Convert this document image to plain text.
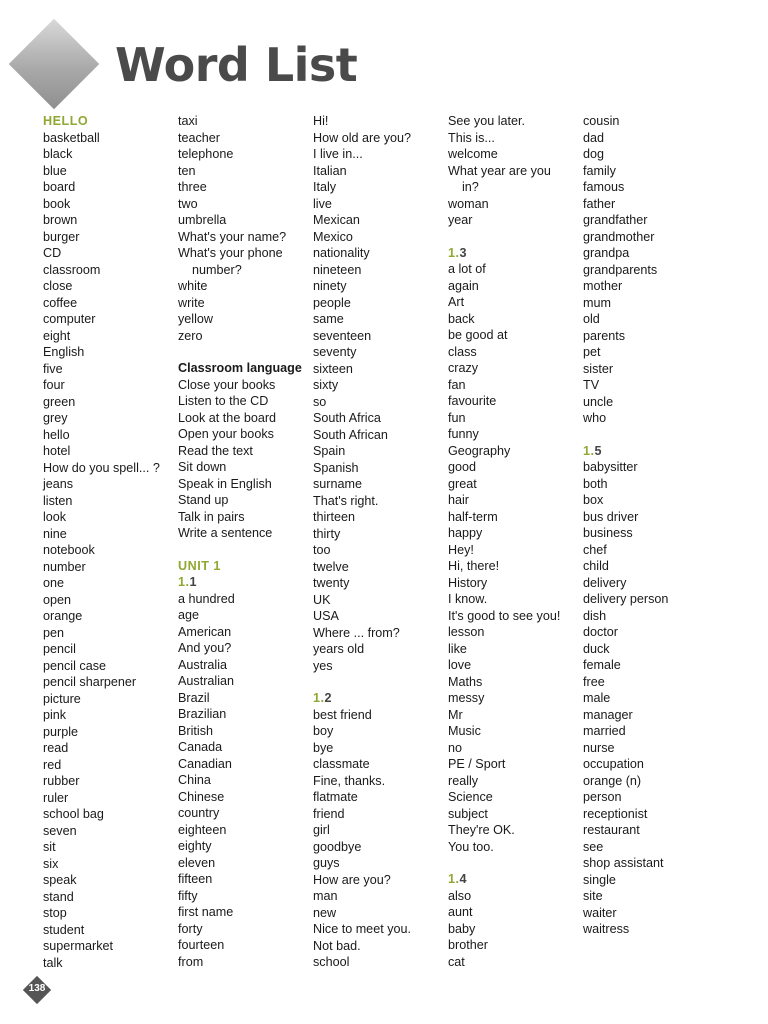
Word List
HELLO
basketball
black
blue
board
book
brown
burger
CD
classroom
close
coffee
computer
eight
English
five
four
green
grey
hello
hotel
How do you spell... ?
jeans
listen
look
nine
notebook
number
one
open
orange
pen
pencil
pencil case
pencil sharpener
picture
pink
purple
read
red
rubber
ruler
school bag
seven
sit
six
speak
stand
stop
student
supermarket
talk
taxi
teacher
telephone
ten
three
two
umbrella
What's your name?
What's your phone
number?
white
write
yellow
zero
Classroom language
Close your books
Listen to the CD
Look at the board
Open your books
Read the text
Sit down
Speak in English
Stand up
Talk in pairs
Write a sentence
UNIT 1
1.1
a hundred
age
American
And you?
Australia
Australian
Brazil
Brazilian
British
Canada
Canadian
China
Chinese
country
eighteen
eighty
eleven
fifteen
fifty
first name
forty
fourteen
from
Hi!
How old are you?
I live in...
Italian
Italy
live
Mexican
Mexico
nationality
nineteen
ninety
people
same
seventeen
seventy
sixteen
sixty
so
South Africa
South African
Spain
Spanish
surname
That's right.
thirteen
thirty
too
twelve
twenty
UK
USA
Where ... from?
years old
yes
1.2
best friend
boy
bye
classmate
Fine, thanks.
flatmate
friend
girl
goodbye
guys
How are you?
man
new
Nice to meet you.
Not bad.
school
See you later.
This is...
welcome
What year are you
in?
woman
year
1.3
a lot of
again
Art
back
be good at
class
crazy
fan
favourite
fun
funny
Geography
good
great
hair
half-term
happy
Hey!
Hi, there!
History
I know.
It's good to see you!
lesson
like
love
Maths
messy
Mr
Music
no
PE / Sport
really
Science
subject
They're OK.
You too.
1.4
also
aunt
baby
brother
cat
cousin
dad
dog
family
famous
father
grandfather
grandmother
grandpa
grandparents
mother
mum
old
parents
pet
sister
TV
uncle
who
1.5
babysitter
both
box
bus driver
business
chef
child
delivery
delivery person
dish
doctor
duck
female
free
male
manager
married
nurse
occupation
orange (n)
person
receptionist
restaurant
see
shop assistant
single
site
waiter
waitress
138
